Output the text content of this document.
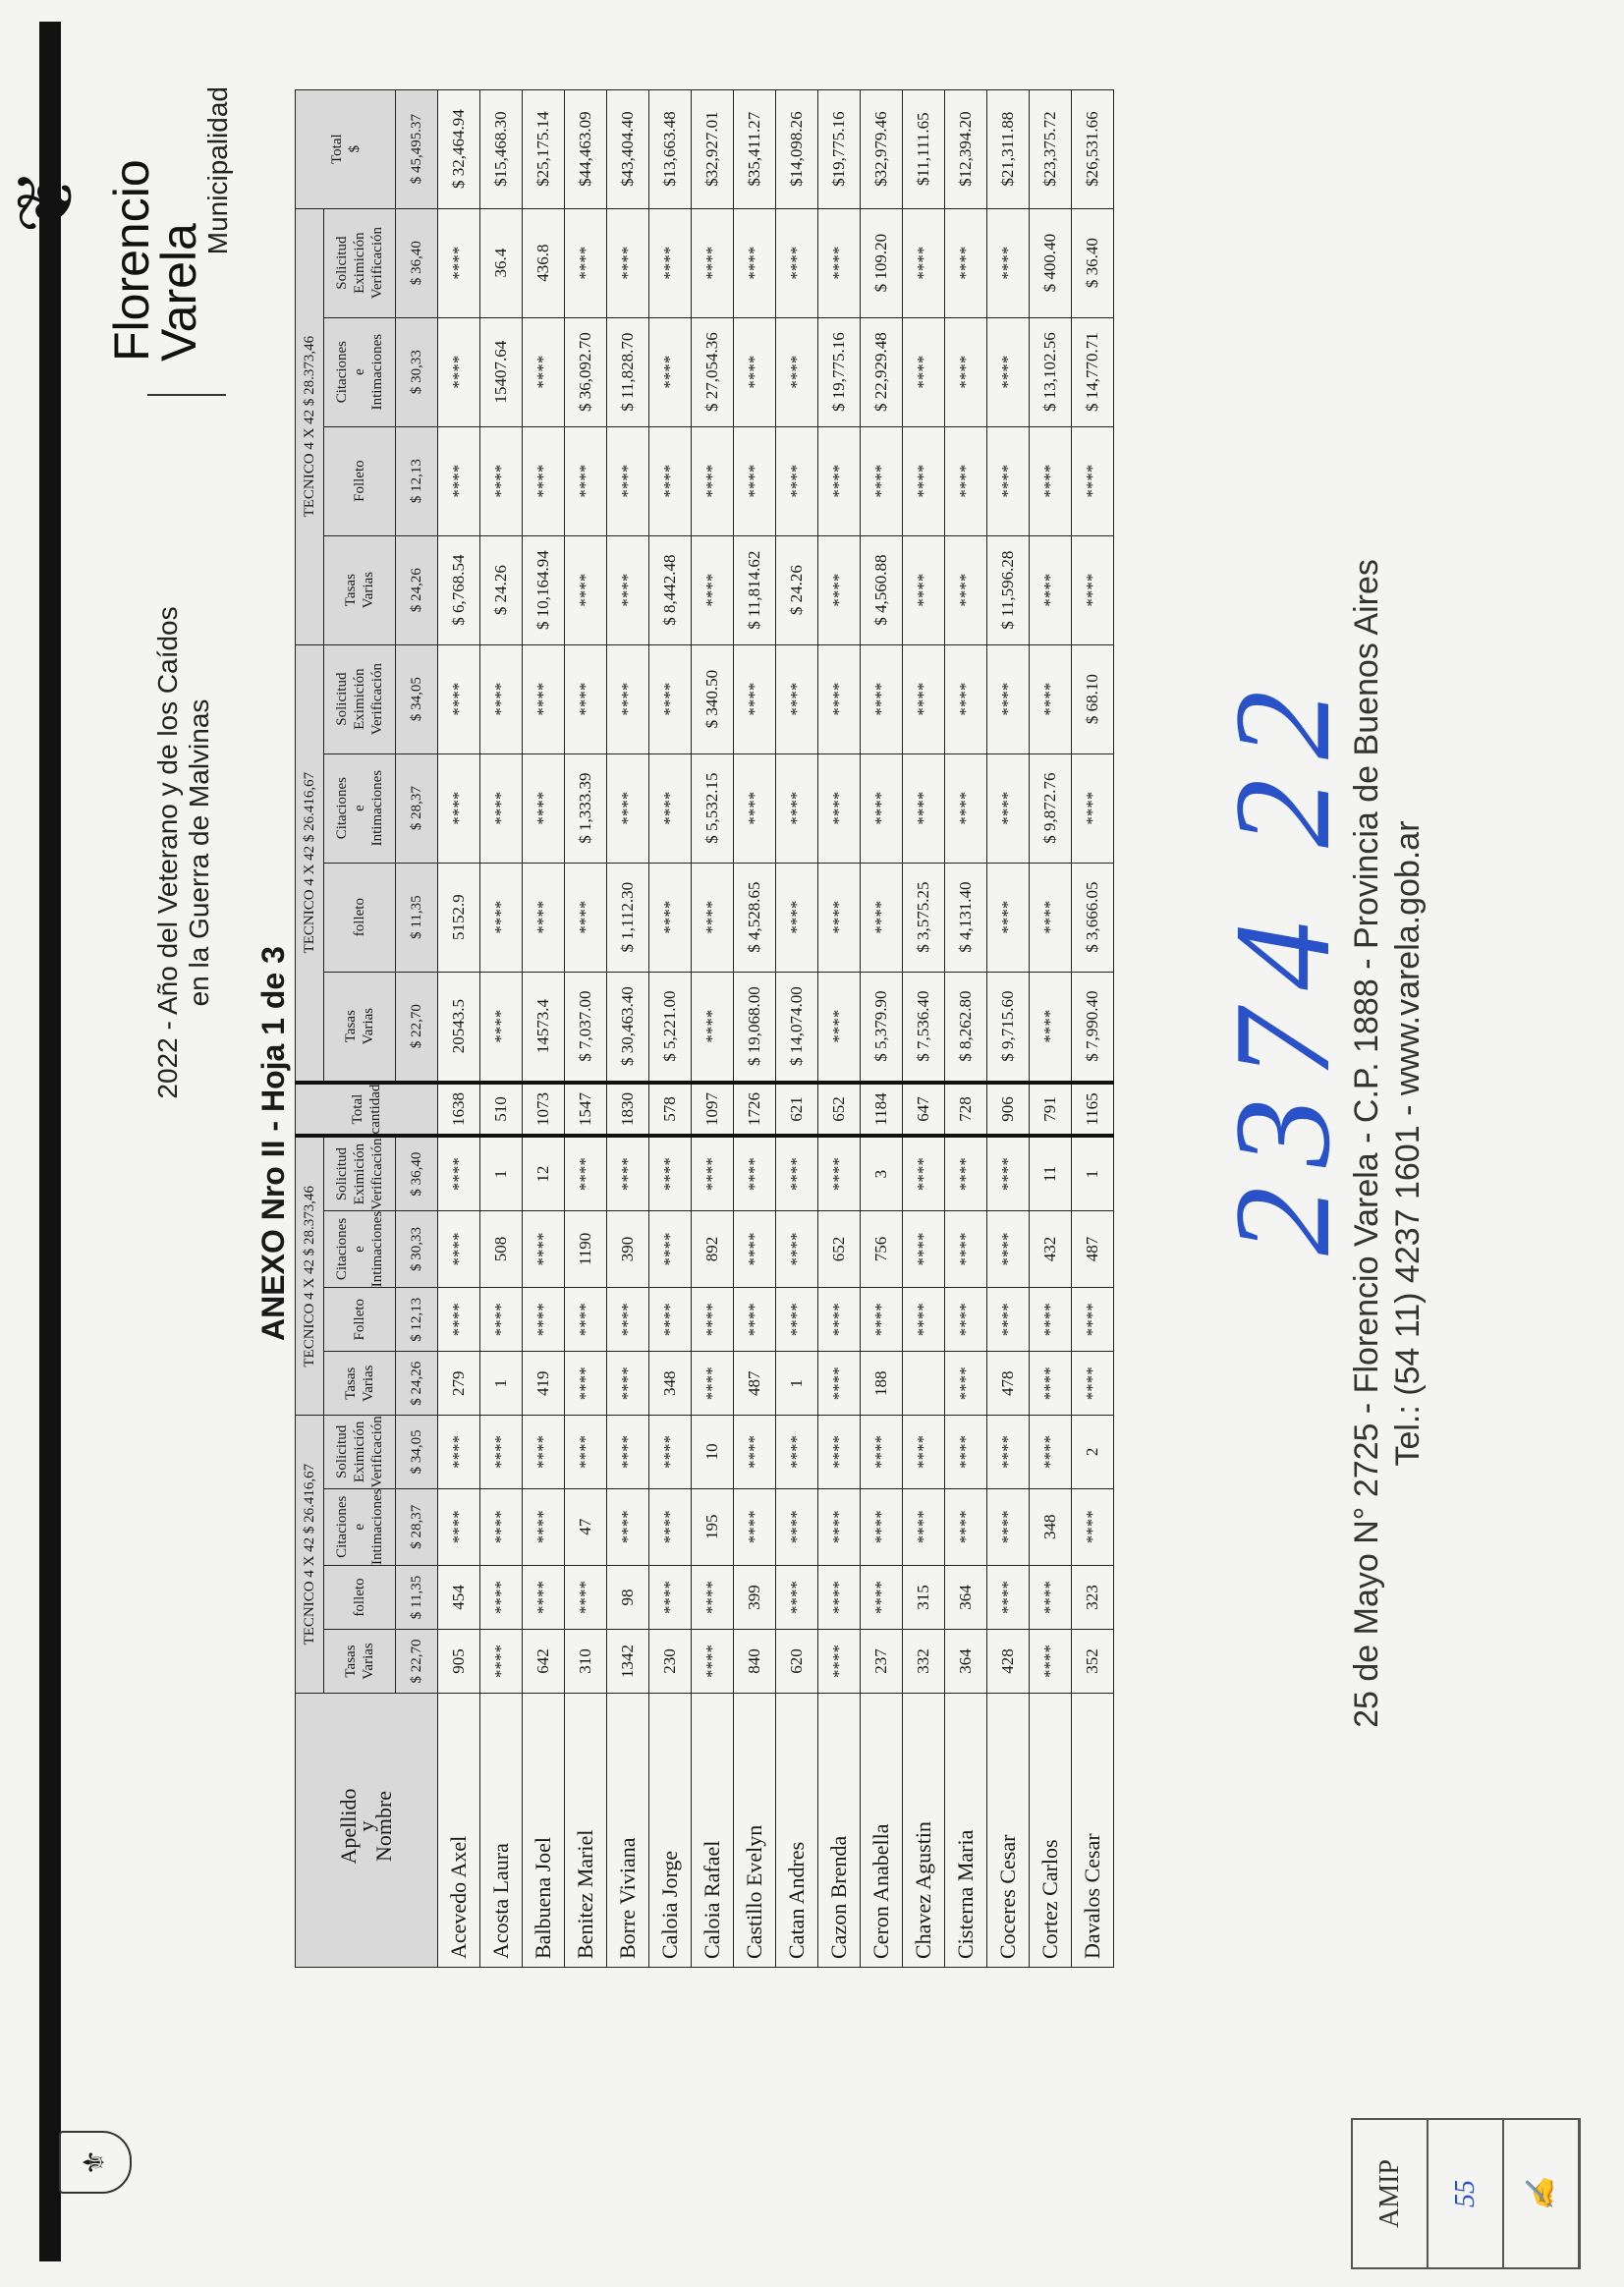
⚜
2022 - Año del Veterano y de los Caídos en la Guerra de Malvinas
❦ Florencio Varela
Municipalidad
ANEXO Nro II - Hoja 1 de 3
Apellido
y
Nombre	TECNICO 4 X 42 $ 26.416,67				TECNICO 4 X 42 $ 28.373,46				Total cantidad	TECNICO 4 X 42 $ 26.416,67				TECNICO 4 X 42 $ 28.373,46				Total $
	Tasas Varias	folleto	Citaciones e Intimaciones	Solicitud Eximición Verificación	Tasas Varias	Folleto	Citaciones e Intimaciones	Solicitud Eximición Verificación		Tasas Varias	folleto	Citaciones e Intimaciones	Solicitud Eximición Verificación	Tasas Varias	Folleto	Citaciones e Intimaciones	Solicitud Eximición Verificación	
	$ 22,70	$ 11,35	$ 28,37	$ 34,05	$ 24,26	$ 12,13	$ 30,33	$ 36,40		$ 22,70	$ 11,35	$ 28,37	$ 34,05	$ 24,26	$ 12,13	$ 30,33	$ 36,40	$ 45,495.37
Acevedo Axel	905	454	****	****	279	****	****	****	1638	20543.5	5152.9	****	****	$ 6,768.54	****	****	****	$ 32,464.94
Acosta Laura	****	****	****	****	1	****	508	1	510	****	****	****	****	$ 24.26	****	15407.64	36.4	$15,468.30
Balbuena Joel	642	****	****	****	419	****	****	12	1073	14573.4	****	****	****	$ 10,164.94	****	****	436.8	$25,175.14
Benitez Mariel	310	****	47	****	****	****	1190	****	1547	$ 7,037.00	****	$ 1,333.39	****	****	****	$ 36,092.70	****	$44,463.09
Borre Viviana	1342	98	****	****	****	****	390	****	1830	$ 30,463.40	$ 1,112.30	****	****	****	****	$ 11,828.70	****	$43,404.40
Caloia Jorge	230	****	****	****	348	****	****	****	578	$ 5,221.00	****	****	****	$ 8,442.48	****	****	****	$13,663.48
Caloia Rafael	****	****	195	10	****	****	892	****	1097	****	****	$ 5,532.15	$ 340.50	****	****	$ 27,054.36	****	$32,927.01
Castillo Evelyn	840	399	****	****	487	****	****	****	1726	$ 19,068.00	$ 4,528.65	****	****	$ 11,814.62	****	****	****	$35,411.27
Catan Andres	620	****	****	****	1	****	****	****	621	$ 14,074.00	****	****	****	$ 24.26	****	****	****	$14,098.26
Cazon Brenda	****	****	****	****	****	****	652	****	652	****	****	****	****	****	****	$ 19,775.16	****	$19,775.16
Ceron Anabella	237	****	****	****	188	****	756	3	1184	$ 5,379.90	****	****	****	$ 4,560.88	****	$ 22,929.48	$ 109.20	$32,979.46
Chavez Agustin	332	315	****	****		****	****	****	647	$ 7,536.40	$ 3,575.25	****	****	****	****	****	****	$11,111.65
Cisterna Maria	364	364	****	****	****	****	****	****	728	$ 8,262.80	$ 4,131.40	****	****	****	****	****	****	$12,394.20
Coceres Cesar	428	****	****	****	478	****	****	****	906	$ 9,715.60	****	****	****	$ 11,596.28	****	****	****	$21,311.88
Cortez Carlos	****	****	348	****	****	****	432	11	791	****	****	$ 9,872.76	****	****	****	$ 13,102.56	$ 400.40	$23,375.72
Davalos Cesar	352	323	****	2	****	****	487	1	1165	$ 7,990.40	$ 3,666.05	****	$ 68.10	****	****	$ 14,770.71	$ 36.40	$26,531.66
2374 22
25 de Mayo N° 2725 - Florencio Varela - C.P. 1888 - Provincia de Buenos Aires Tel.: (54 11) 4237 1601 - www.varela.gob.ar
AMIP	55	✍
